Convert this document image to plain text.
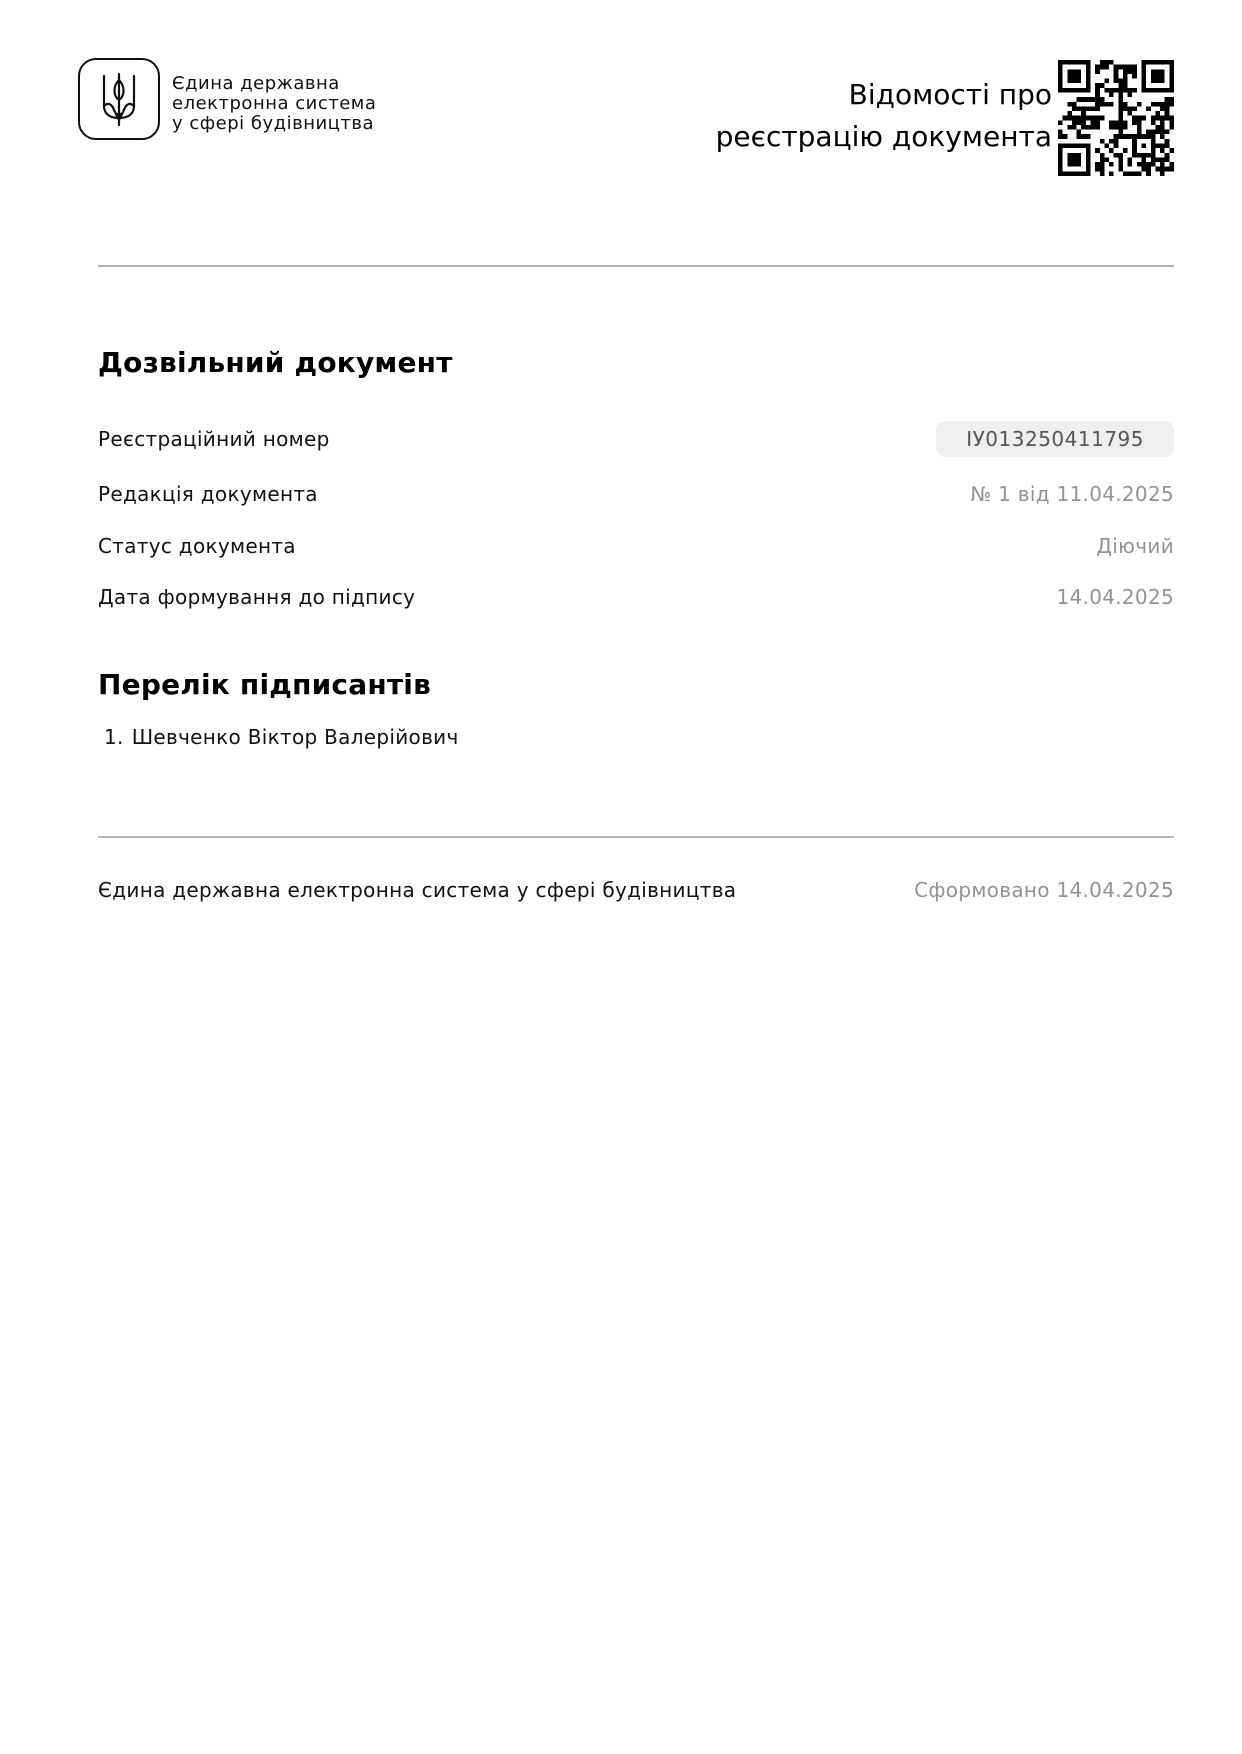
Єдина державна
електронна система
у сфері будівництва
Відомості про
реєстрацію документа
Дозвільний документ
Реєстраційний номер	ІУ013250411795
Редакція документа	№ 1 від 11.04.2025
Статус документа	Діючий
Дата формування до підпису	14.04.2025
Перелік підписантів
1. Шевченко Віктор Валерійович
Єдина державна електронна система у сфері будівництва	Сформовано 14.04.2025
